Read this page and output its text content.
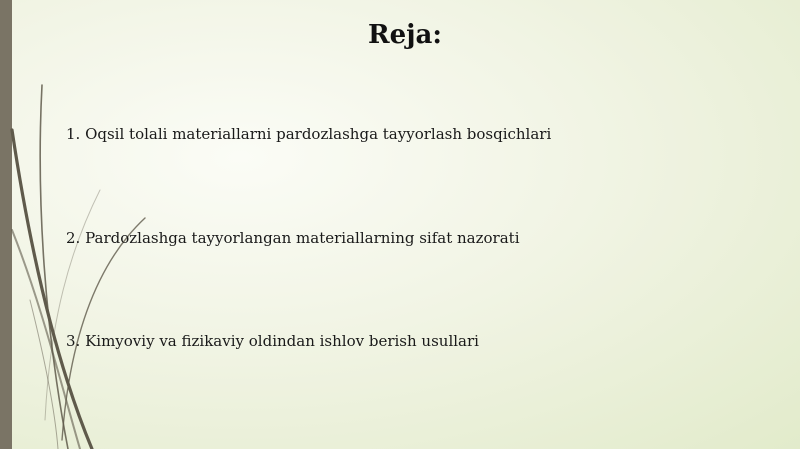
Reja:
1. Oqsil tolali materiallarni pardozlashga tayyorlash bosqichlari
2. Pardozlashga tayyorlangan materiallarning sifat nazorati
3. Kimyoviy va fizikaviy oldindan ishlov berish usullari
